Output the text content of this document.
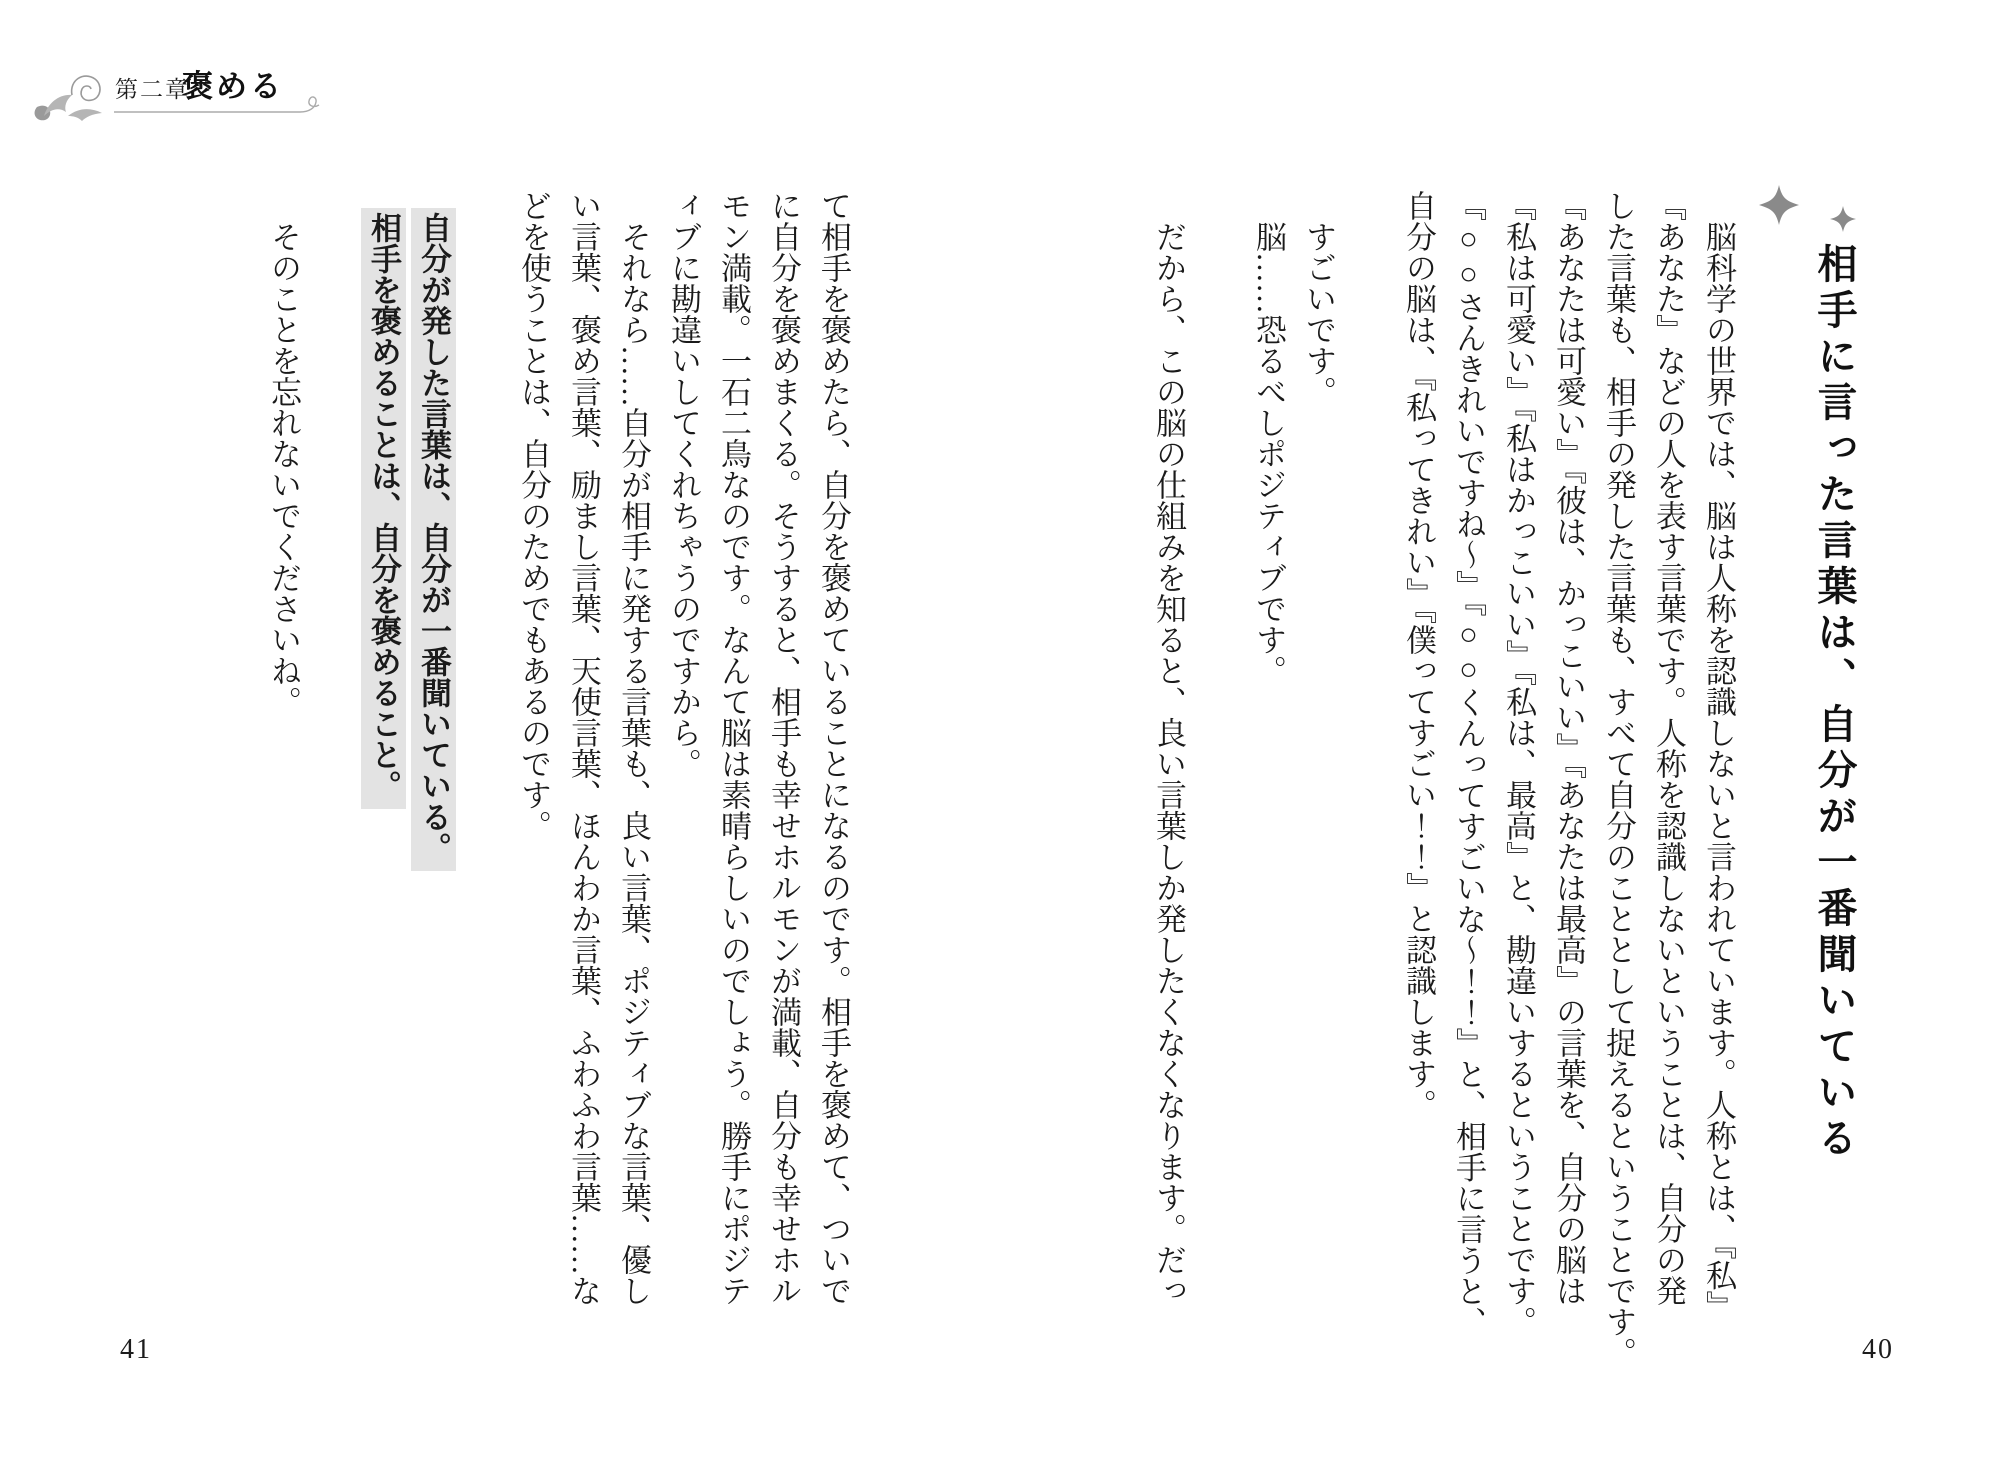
第二章
褒める
相手に言った言葉は、自分が一番聞いている

脳科学の世界では、脳は人称を認識しないと言われています。人称とは、『私』

『あなた』などの人を表す言葉です。人称を認識しないということは、自分の発

した言葉も、相手の発した言葉も、すべて自分のこととして捉えるということです。

『あなたは可愛い』『彼は、かっこいい』『あなたは最高』の言葉を、自分の脳は

『私は可愛い』『私はかっこいい』『私は、最高』と、勘違いするということです。

『○○さんきれいですね〜』『○○くんってすごいな〜！！』と、相手に言うと、

自分の脳は、『私ってきれい』『僕ってすごい！！』と認識します。

すごいです。

脳……恐るべしポジティブです。

だから、この脳の仕組みを知ると、良い言葉しか発したくなくなります。だっ

40

て相手を褒めたら、自分を褒めていることになるのです。相手を褒めて、ついで

に自分を褒めまくる。そうすると、相手も幸せホルモンが満載、自分も幸せホル

モン満載。一石二鳥なのです。なんて脳は素晴らしいのでしょう。勝手にポジテ

ィブに勘違いしてくれちゃうのですから。

それなら……自分が相手に発する言葉も、良い言葉、ポジティブな言葉、優し

い言葉、褒め言葉、励まし言葉、天使言葉、ほんわか言葉、ふわふわ言葉……な

どを使うことは、自分のためでもあるのです。

自分が発した言葉は、自分が一番聞いている。

相手を褒めることは、自分を褒めること。

そのことを忘れないでくださいね。

41
